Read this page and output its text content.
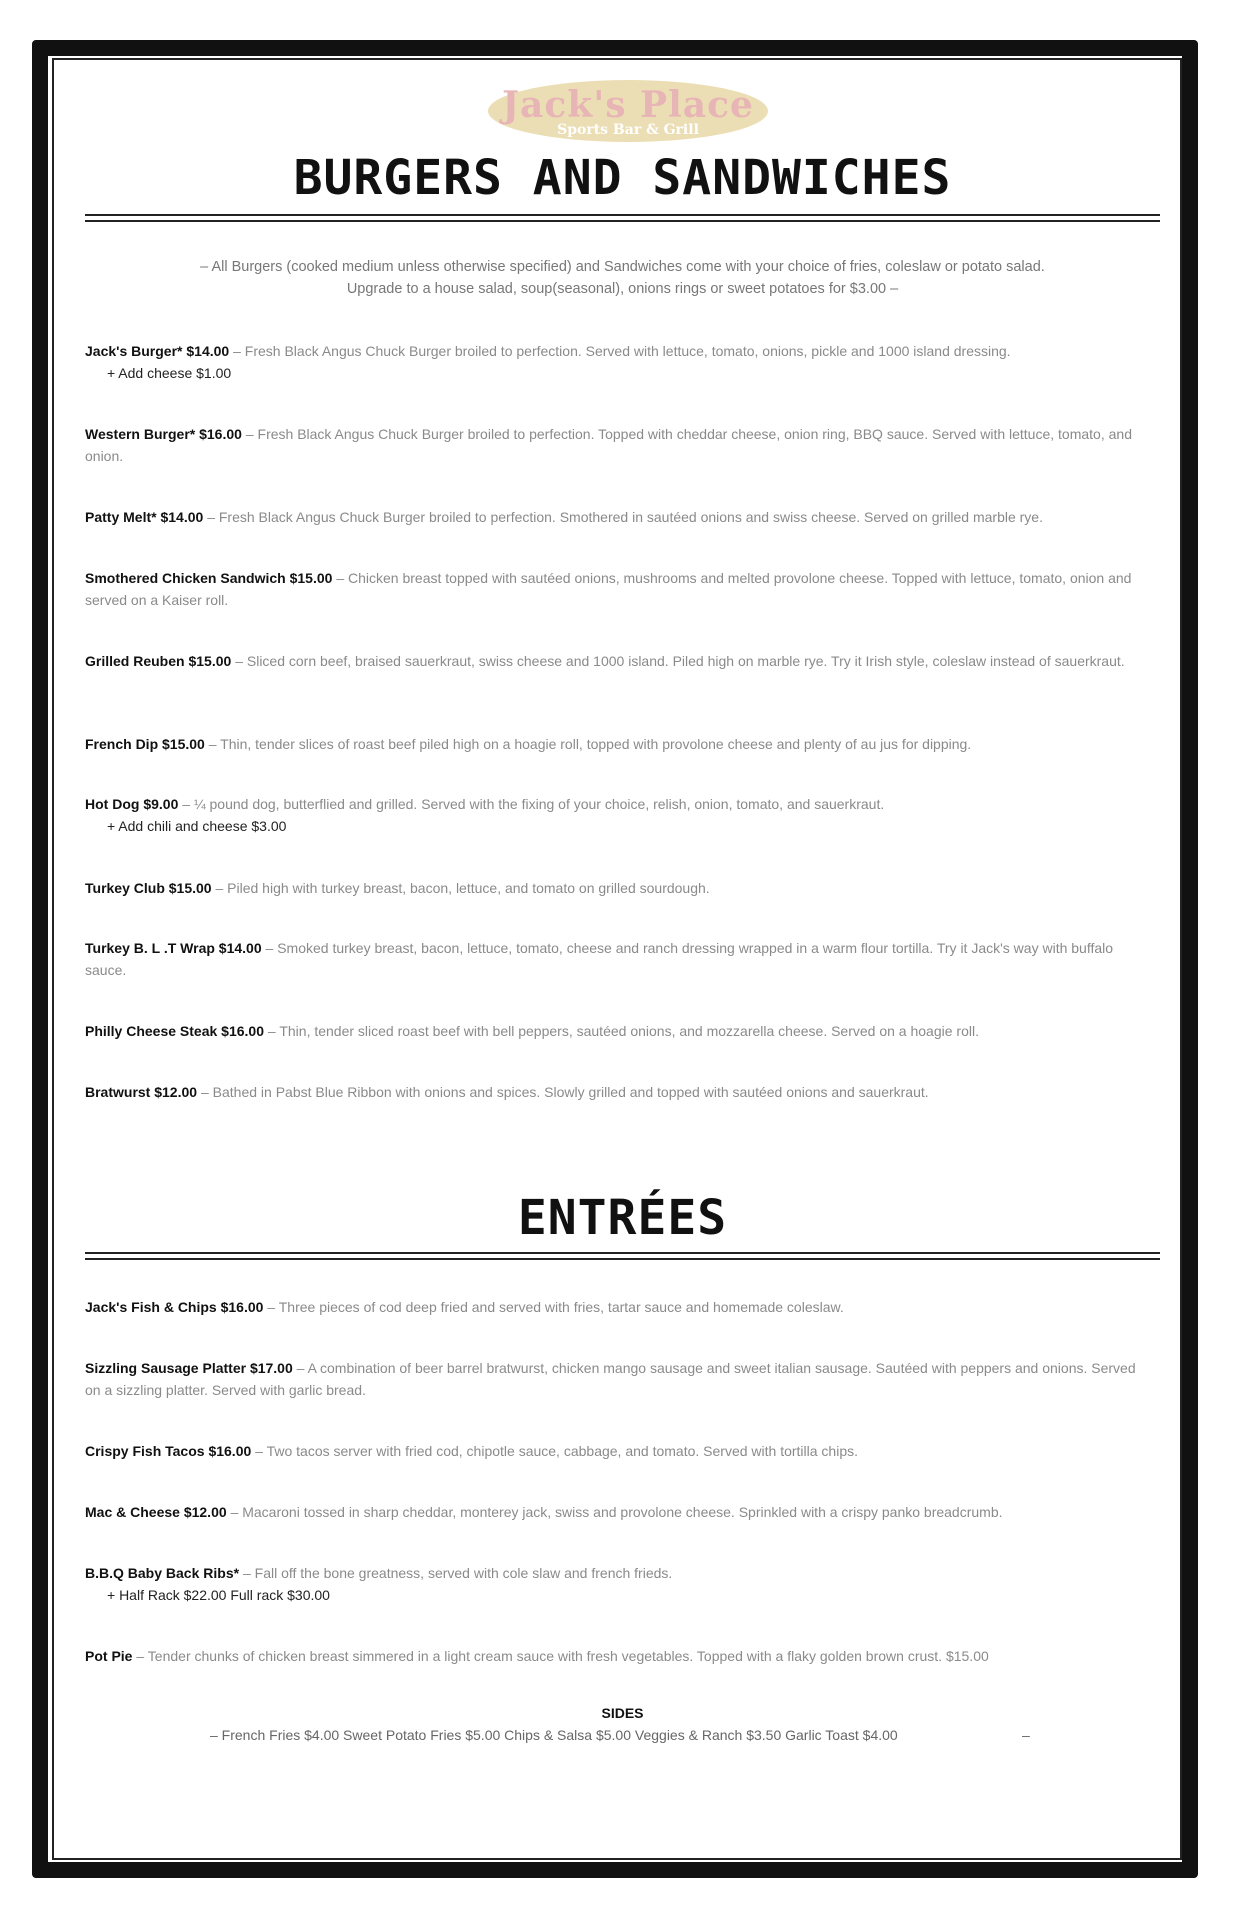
Jack's Place
Sports Bar & Grill
BURGERS AND SANDWICHES
– All Burgers (cooked medium unless otherwise specified) and Sandwiches come with your choice of fries, coleslaw or potato salad.
Upgrade to a house salad, soup(seasonal), onions rings or sweet potatoes for $3.00 –
Jack's Burger* $14.00 – Fresh Black Angus Chuck Burger broiled to perfection. Served with lettuce, tomato, onions, pickle and 1000 island dressing.
+ Add cheese $1.00
Western Burger* $16.00 – Fresh Black Angus Chuck Burger broiled to perfection. Topped with cheddar cheese, onion ring, BBQ sauce. Served with lettuce, tomato, and onion.
Patty Melt* $14.00 – Fresh Black Angus Chuck Burger broiled to perfection. Smothered in sautéed onions and swiss cheese. Served on grilled marble rye.
Smothered Chicken Sandwich $15.00 – Chicken breast topped with sautéed onions, mushrooms and melted provolone cheese. Topped with lettuce, tomato, onion and served on a Kaiser roll.
Grilled Reuben $15.00 – Sliced corn beef, braised sauerkraut, swiss cheese and 1000 island. Piled high on marble rye. Try it Irish style, coleslaw instead of sauerkraut.
French Dip $15.00 – Thin, tender slices of roast beef piled high on a hoagie roll, topped with provolone cheese and plenty of au jus for dipping.
Hot Dog $9.00 – ¼ pound dog, butterflied and grilled. Served with the fixing of your choice, relish, onion, tomato, and sauerkraut.
+ Add chili and cheese $3.00
Turkey Club $15.00 – Piled high with turkey breast, bacon, lettuce, and tomato on grilled sourdough.
Turkey B. L .T Wrap $14.00 – Smoked turkey breast, bacon, lettuce, tomato, cheese and ranch dressing wrapped in a warm flour tortilla. Try it Jack's way with buffalo sauce.
Philly Cheese Steak $16.00 – Thin, tender sliced roast beef with bell peppers, sautéed onions, and mozzarella cheese. Served on a hoagie roll.
Bratwurst $12.00 – Bathed in Pabst Blue Ribbon with onions and spices. Slowly grilled and topped with sautéed onions and sauerkraut.
ENTRÉES
Jack's Fish & Chips $16.00 – Three pieces of cod deep fried and served with fries, tartar sauce and homemade coleslaw.
Sizzling Sausage Platter $17.00 – A combination of beer barrel bratwurst, chicken mango sausage and sweet italian sausage. Sautéed with peppers and onions. Served on a sizzling platter. Served with garlic bread.
Crispy Fish Tacos $16.00 – Two tacos server with fried cod, chipotle sauce, cabbage, and tomato. Served with tortilla chips.
Mac & Cheese $12.00 – Macaroni tossed in sharp cheddar, monterey jack, swiss and provolone cheese. Sprinkled with a crispy panko breadcrumb.
B.B.Q Baby Back Ribs* – Fall off the bone greatness, served with cole slaw and french frieds.
+ Half Rack $22.00 Full rack $30.00
Pot Pie – Tender chunks of chicken breast simmered in a light cream sauce with fresh vegetables. Topped with a flaky golden brown crust. $15.00
SIDES
– French Fries $4.00 Sweet Potato Fries $5.00 Chips & Salsa $5.00 Veggies & Ranch $3.50 Garlic Toast $4.00	–
